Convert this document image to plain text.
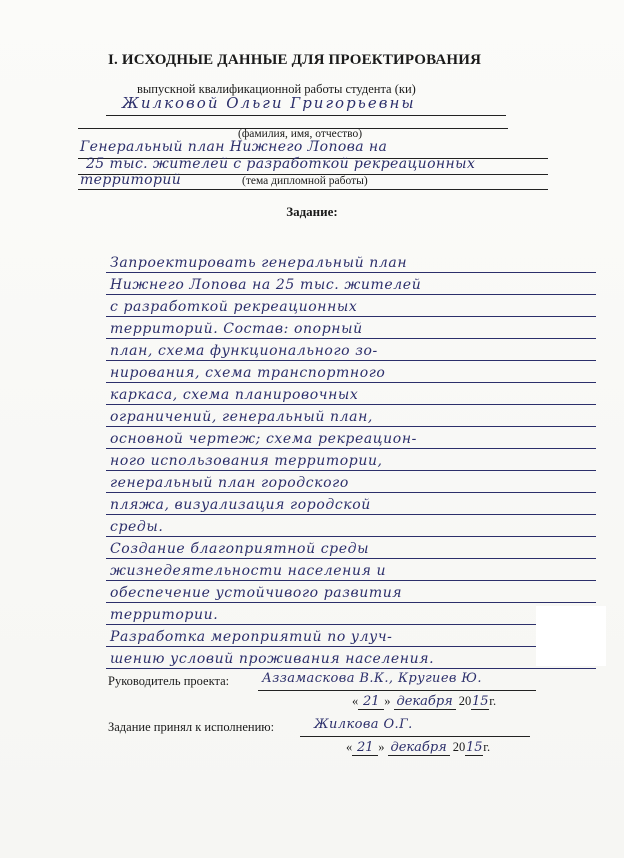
I. ИСХОДНЫЕ ДАННЫЕ ДЛЯ ПРОЕКТИРОВАНИЯ
выпускной квалификационной работы студента (ки)
Жилковой Ольги Григорьевны
(фамилия, имя, отчество)
Генеральный план Нижнего Лопова на
25 тыс. жителей с разработкой рекреационных
территорий	(тема дипломной работы)
Задание:
Запроектировать генеральный план
Нижнего Лопова на 25 тыс. жителей
с разработкой рекреационных
территорий. Состав: опорный
план, схема функционального зо-
нирования, схема транспортного
каркаса, схема планировочных
ограничений, генеральный план,
основной чертеж; схема рекреацион-
ного использования территории,
генеральный план городского
пляжа, визуализация городской
среды.
Создание благоприятной среды
жизнедеятельности населения и
обеспечение устойчивого развития
территории.
Разработка мероприятий по улуч-
шению условий проживания населения.
Руководитель проекта:	Аззамаскова В.К., Кругиев Ю.
« 21 » декабря 2015г.
Задание принял к исполнению:	Жилкова О.Г.
« 21 » декабря 2015г.
